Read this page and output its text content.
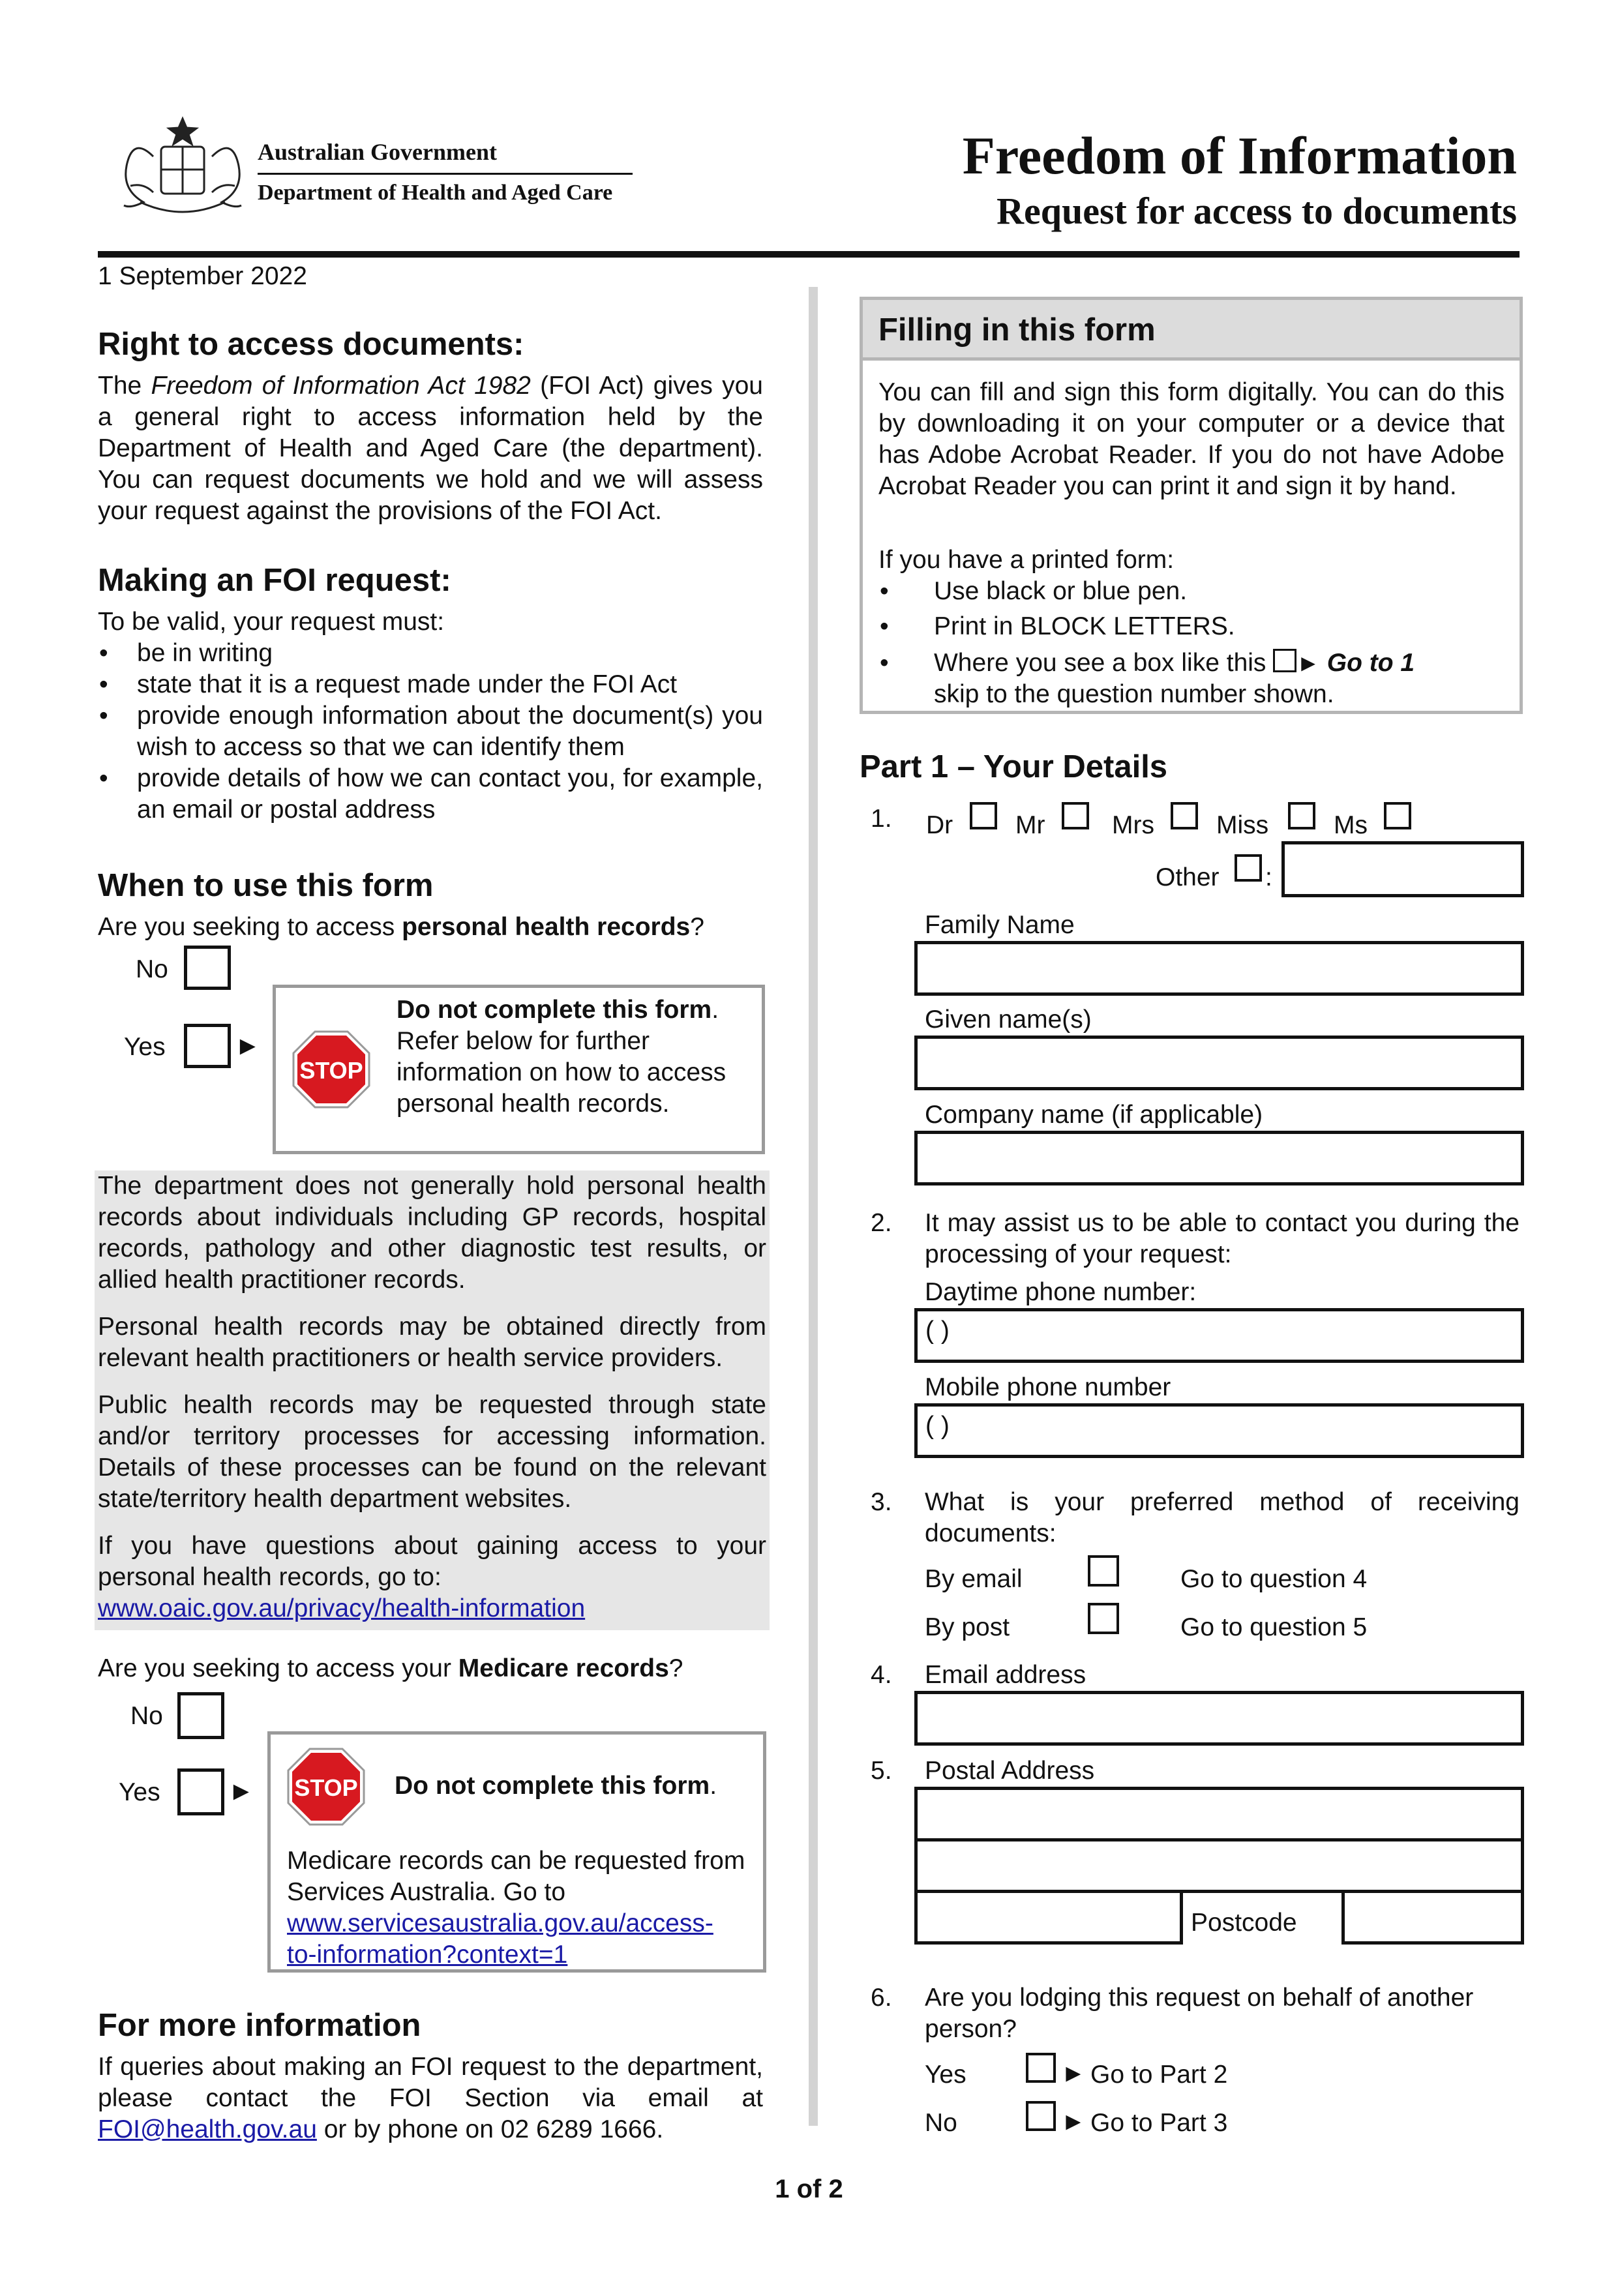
Australian Government
Department of Health and Aged Care
Freedom of Information
Request for access to documents
1 September 2022
Right to access documents:
The Freedom of Information Act 1982 (FOI Act) gives you a general right to access information held by the Department of Health and Aged Care (the department). You can request documents we hold and we will assess your request against the provisions of the FOI Act.
Making an FOI request:
To be valid, your request must:
• be in writing
• state that it is a request made under the FOI Act
• provide enough information about the document(s) you wish to access so that we can identify them
• provide details of how we can contact you, for example, an email or postal address
When to use this form
Are you seeking to access personal health records?
No
Yes	►
STOP
Do not complete this form.
Refer below for further information on how to access personal health records.
The department does not generally hold personal health records about individuals including GP records, hospital records, pathology and other diagnostic test results, or allied health practitioner records.
Personal health records may be obtained directly from relevant health practitioners or health service providers.
Public health records may be requested through state and/or territory processes for accessing information. Details of these processes can be found on the relevant state/territory health department websites.
If you have questions about gaining access to your personal health records, go to:
www.oaic.gov.au/privacy/health-information
Are you seeking to access your Medicare records?
No
Yes	► STOP Do not complete this form.
Medicare records can be requested from Services Australia. Go to
www.servicesaustralia.gov.au/access-
to-information?context=1
For more information
If queries about making an FOI request to the department, please contact the FOI Section via email at FOI@health.gov.au or by phone on 02 6289 1666.
Filling in this form
You can fill and sign this form digitally. You can do this by downloading it on your computer or a device that has Adobe Acrobat Reader. If you do not have Adobe Acrobat Reader you can print it and sign it by hand.
If you have a printed form:
• Use black or blue pen.
• Print in BLOCK LETTERS.
• Where you see a box like this ► Go to 1
skip to the question number shown.
Part 1 – Your Details
1. Dr Mr	Mrs Miss	Ms
Other :
Family Name
Given name(s)
Company name (if applicable)
2. It may assist us to be able to contact you during the processing of your request:
Daytime phone number:
( )
Mobile phone number
( )
3. What is your preferred method of receiving documents:
By email	Go to question 4
By post	Go to question 5
4. Email address
5. Postal Address
Postcode
6. Are you lodging this request on behalf of another person?
Yes	► Go to Part 2
No	► Go to Part 3
1 of 2
